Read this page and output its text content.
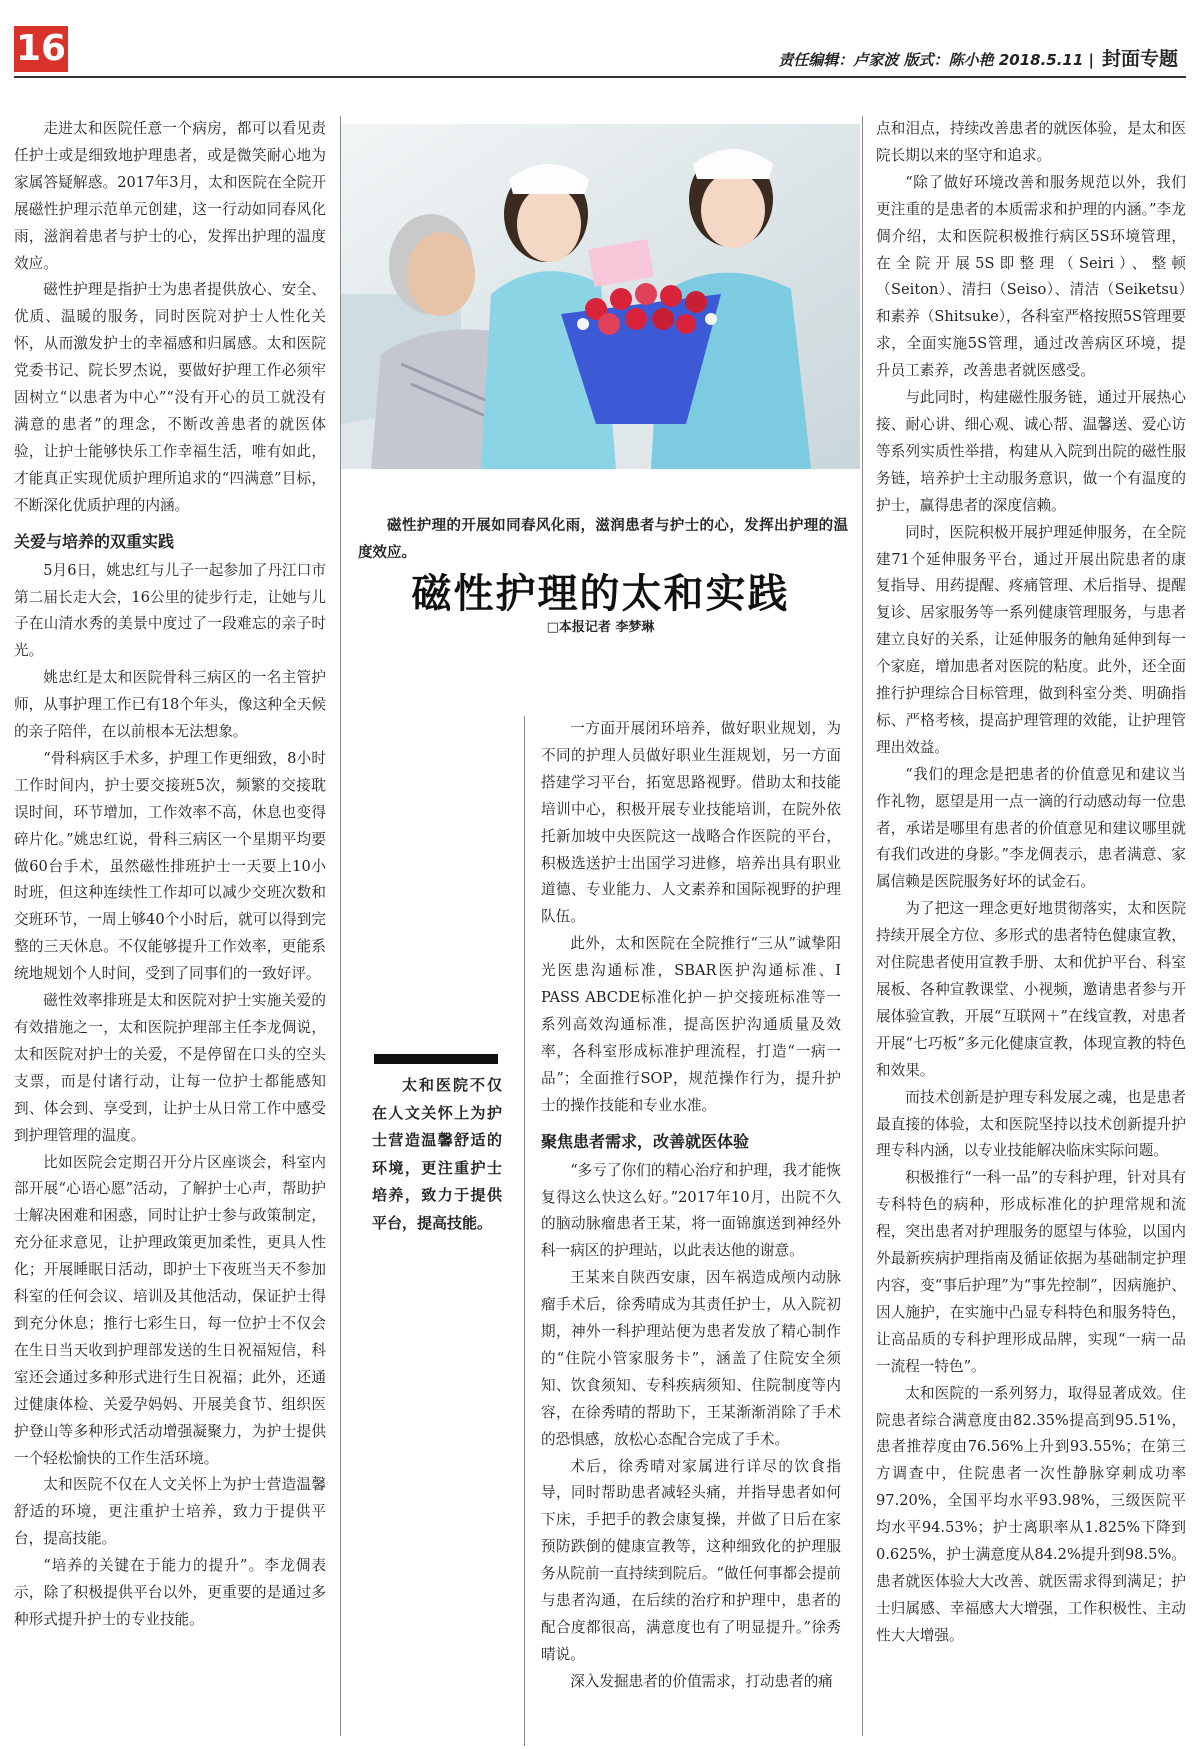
16	责任编辑：卢家波 版式：陈小艳 2018.5.11 | 封面专题

走进太和医院任意一个病房，都可以看见责任护士或是细致地护理患者，或是微笑耐心地为家属答疑解惑。2017年3月，太和医院在全院开展磁性护理示范单元创建，这一行动如同春风化雨，滋润着患者与护士的心，发挥出护理的温度效应。

磁性护理是指护士为患者提供放心、安全、优质、温暖的服务，同时医院对护士人性化关怀，从而激发护士的幸福感和归属感。太和医院党委书记、院长罗杰说，要做好护理工作必须牢固树立“以患者为中心”“没有开心的员工就没有满意的患者”的理念，不断改善患者的就医体验，让护士能够快乐工作幸福生活，唯有如此，才能真正实现优质护理所追求的“四满意”目标，不断深化优质护理的内涵。

关爱与培养的双重实践

5月6日，姚忠红与儿子一起参加了丹江口市第二届长走大会，16公里的徒步行走，让她与儿子在山清水秀的美景中度过了一段难忘的亲子时光。

姚忠红是太和医院骨科三病区的一名主管护师，从事护理工作已有18个年头，像这种全天候的亲子陪伴，在以前根本无法想象。

“骨科病区手术多，护理工作更细致，8小时工作时间内，护士要交接班5次，频繁的交接耽误时间，环节增加，工作效率不高，休息也变得碎片化。”姚忠红说，骨科三病区一个星期平均要做60台手术，虽然磁性排班护士一天要上10小时班，但这种连续性工作却可以减少交班次数和交班环节，一周上够40个小时后，就可以得到完整的三天休息。不仅能够提升工作效率，更能系统地规划个人时间，受到了同事们的一致好评。

磁性效率排班是太和医院对护士实施关爱的有效措施之一，太和医院护理部主任李龙倜说，太和医院对护士的关爱，不是停留在口头的空头支票，而是付诸行动，让每一位护士都能感知到、体会到、享受到，让护士从日常工作中感受到护理管理的温度。

比如医院会定期召开分片区座谈会，科室内部开展“心语心愿”活动，了解护士心声，帮助护士解决困难和困惑，同时让护士参与政策制定，充分征求意见，让护理政策更加柔性，更具人性化；开展睡眠日活动，即护士下夜班当天不参加科室的任何会议、培训及其他活动，保证护士得到充分休息；推行七彩生日，每一位护士不仅会在生日当天收到护理部发送的生日祝福短信，科室还会通过多种形式进行生日祝福；此外，还通过健康体检、关爱孕妈妈、开展美食节、组织医护登山等多种形式活动增强凝聚力，为护士提供一个轻松愉快的工作生活环境。

太和医院不仅在人文关怀上为护士营造温馨舒适的环境，更注重护士培养，致力于提供平台，提高技能。

“培养的关键在于能力的提升”。李龙倜表示，除了积极提供平台以外，更重要的是通过多种形式提升护士的专业技能。

磁性护理的开展如同春风化雨，滋润患者与护士的心，发挥出护理的温度效应。
磁性护理的太和实践
□本报记者 李梦琳
太和医院不仅在人文关怀上为护士营造温馨舒适的环境，更注重护士培养，致力于提供平台，提高技能。

一方面开展闭环培养，做好职业规划，为不同的护理人员做好职业生涯规划，另一方面搭建学习平台，拓宽思路视野。借助太和技能培训中心，积极开展专业技能培训，在院外依托新加坡中央医院这一战略合作医院的平台，积极选送护士出国学习进修，培养出具有职业道德、专业能力、人文素养和国际视野的护理队伍。

此外，太和医院在全院推行“三从”诚挚阳光医患沟通标准，SBAR医护沟通标准、I PASS ABCDE标准化护－护交接班标准等一系列高效沟通标准，提高医护沟通质量及效率，各科室形成标准护理流程，打造“一病一品”；全面推行SOP，规范操作行为，提升护士的操作技能和专业水准。

聚焦患者需求，改善就医体验

“多亏了你们的精心治疗和护理，我才能恢复得这么快这么好。”2017年10月，出院不久的脑动脉瘤患者王某，将一面锦旗送到神经外科一病区的护理站，以此表达他的谢意。

王某来自陕西安康，因车祸造成颅内动脉瘤手术后，徐秀晴成为其责任护士，从入院初期，神外一科护理站便为患者发放了精心制作的“住院小管家服务卡”，涵盖了住院安全须知、饮食须知、专科疾病须知、住院制度等内容，在徐秀晴的帮助下，王某渐渐消除了手术的恐惧感，放松心态配合完成了手术。

术后，徐秀晴对家属进行详尽的饮食指导，同时帮助患者减轻头痛，并指导患者如何下床，手把手的教会康复操，并做了日后在家预防跌倒的健康宣教等，这种细致化的护理服务从院前一直持续到院后。“做任何事都会提前与患者沟通，在后续的治疗和护理中，患者的配合度都很高，满意度也有了明显提升。”徐秀晴说。

深入发掘患者的价值需求，打动患者的痛

点和泪点，持续改善患者的就医体验，是太和医院长期以来的坚守和追求。

“除了做好环境改善和服务规范以外，我们更注重的是患者的本质需求和护理的内涵。”李龙倜介绍，太和医院积极推行病区5S环境管理，在全院开展5S即整理（Seiri）、整顿（Seiton）、清扫（Seiso）、清洁（Seiketsu）和素养（Shitsuke），各科室严格按照5S管理要求，全面实施5S管理，通过改善病区环境，提升员工素养，改善患者就医感受。

与此同时，构建磁性服务链，通过开展热心接、耐心讲、细心观、诚心帮、温馨送、爱心访等系列实质性举措，构建从入院到出院的磁性服务链，培养护士主动服务意识，做一个有温度的护士，赢得患者的深度信赖。

同时，医院积极开展护理延伸服务，在全院建71个延伸服务平台，通过开展出院患者的康复指导、用药提醒、疼痛管理、术后指导、提醒复诊、居家服务等一系列健康管理服务，与患者建立良好的关系，让延伸服务的触角延伸到每一个家庭，增加患者对医院的粘度。此外，还全面推行护理综合目标管理，做到科室分类、明确指标、严格考核，提高护理管理的效能，让护理管理出效益。

“我们的理念是把患者的价值意见和建议当作礼物，愿望是用一点一滴的行动感动每一位患者，承诺是哪里有患者的价值意见和建议哪里就有我们改进的身影。”李龙倜表示，患者满意、家属信赖是医院服务好坏的试金石。

为了把这一理念更好地贯彻落实，太和医院持续开展全方位、多形式的患者特色健康宣教，对住院患者使用宣教手册、太和优护平台、科室展板、各种宣教课堂、小视频，邀请患者参与开展体验宣教，开展“互联网＋”在线宣教，对患者开展“七巧板”多元化健康宣教，体现宣教的特色和效果。

而技术创新是护理专科发展之魂，也是患者最直接的体验，太和医院坚持以技术创新提升护理专科内涵，以专业技能解决临床实际问题。

积极推行“一科一品”的专科护理，针对具有专科特色的病种，形成标准化的护理常规和流程，突出患者对护理服务的愿望与体验，以国内外最新疾病护理指南及循证依据为基础制定护理内容，变“事后护理”为“事先控制”，因病施护、因人施护，在实施中凸显专科特色和服务特色，让高品质的专科护理形成品牌，实现“一病一品一流程一特色”。

太和医院的一系列努力，取得显著成效。住院患者综合满意度由82.35%提高到95.51%，患者推荐度由76.56%上升到93.55%；在第三方调查中，住院患者一次性静脉穿刺成功率97.20%，全国平均水平93.98%，三级医院平均水平94.53%；护士离职率从1.825%下降到0.625%，护士满意度从84.2%提升到98.5%。患者就医体验大大改善、就医需求得到满足；护士归属感、幸福感大大增强，工作积极性、主动性大大增强。
